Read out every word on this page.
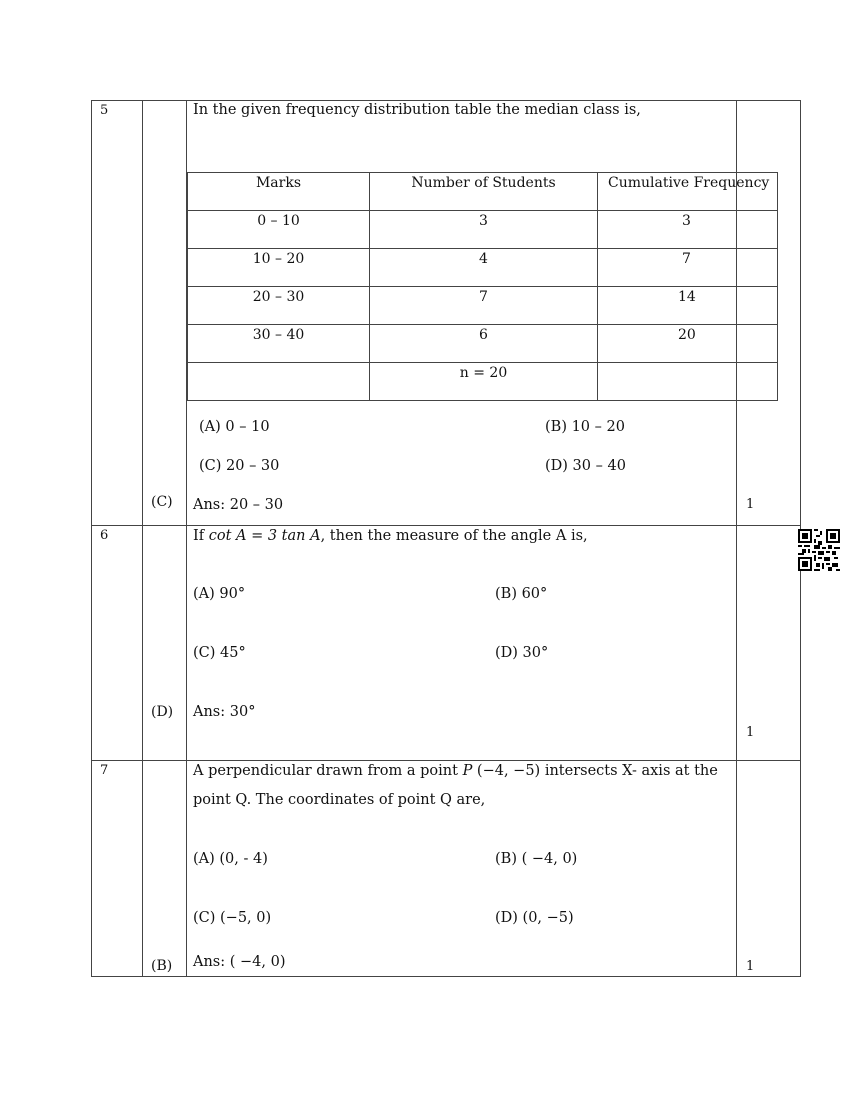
5	
(C)

In the given frequency distribution table the median class is,
Marks	Number of Students	Cumulative Frequency
0 – 10	3	3
10 – 20	4	7
20 – 30	7	14
30 – 40	6	20
	n = 20	
(A) 0 – 10	(B) 10 – 20
(C) 20 – 30	(D) 30 – 40
Ans: 20 – 30	1

6	
(D)

If cot A = 3 tan A, then the measure of the angle A is,
(A) 90°	(B) 60°
(C) 45°	(D) 30°
Ans: 30°

1

7	
(B)

A perpendicular drawn from a point P (−4, −5) intersects X- axis at the
point Q. The coordinates of point Q are,
(A) (0, - 4)	(B) ( −4, 0)
(C) (−5, 0)	(D) (0, −5)
Ans: ( −4, 0)	1
